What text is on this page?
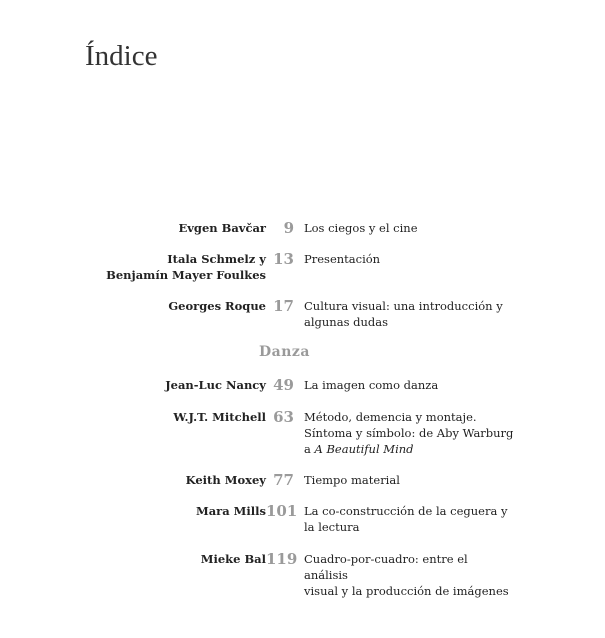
Índice
Evgen Bavčar	9 Los ciegos y el cine
Itala Schmelz y
Benjamín Mayer Foulkes
13 Presentación
Georges Roque 17 Cultura visual: una introducción y
algunas dudas
Danza
Jean-Luc Nancy 49 La imagen como danza
W.J.T. Mitchell 63 Método, demencia y montaje.
Síntoma y símbolo: de Aby Warburg
a A Beautiful Mind
Keith Moxey 77 Tiempo material
Mara Mills 101 La co-construcción de la ceguera y
la lectura
Mieke Bal 119 Cuadro-por-cuadro: entre el análisis
visual y la producción de imágenes
